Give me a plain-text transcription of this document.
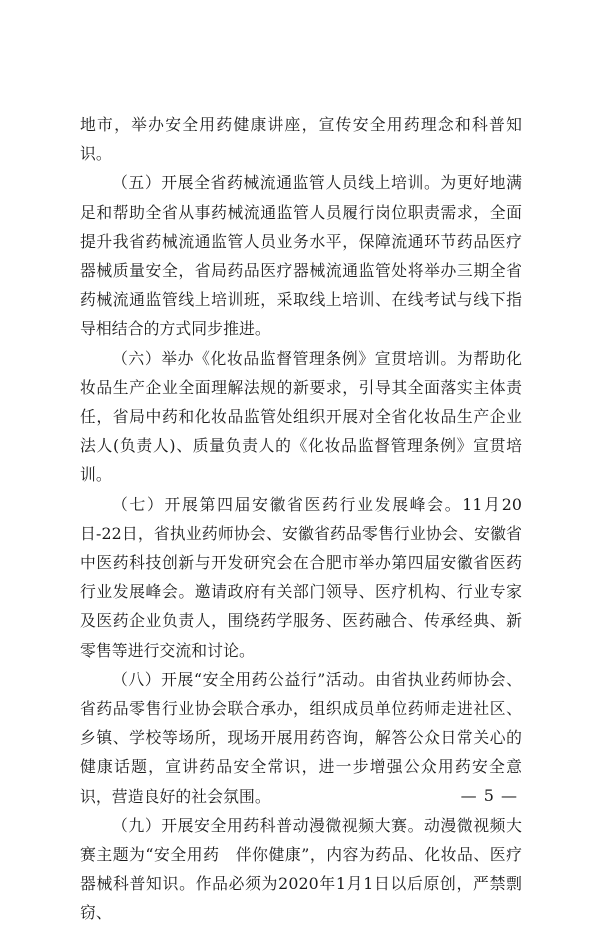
地市，举办安全用药健康讲座，宣传安全用药理念和科普知识。

（五）开展全省药械流通监管人员线上培训。为更好地满足和帮助全省从事药械流通监管人员履行岗位职责需求，全面提升我省药械流通监管人员业务水平，保障流通环节药品医疗器械质量安全，省局药品医疗器械流通监管处将举办三期全省药械流通监管线上培训班，采取线上培训、在线考试与线下指导相结合的方式同步推进。

（六）举办《化妆品监督管理条例》宣贯培训。为帮助化妆品生产企业全面理解法规的新要求，引导其全面落实主体责任，省局中药和化妆品监管处组织开展对全省化妆品生产企业法人(负责人)、质量负责人的《化妆品监督管理条例》宣贯培训。

（七）开展第四届安徽省医药行业发展峰会。11月20日-22日，省执业药师协会、安徽省药品零售行业协会、安徽省中医药科技创新与开发研究会在合肥市举办第四届安徽省医药行业发展峰会。邀请政府有关部门领导、医疗机构、行业专家及医药企业负责人，围绕药学服务、医药融合、传承经典、新零售等进行交流和讨论。

（八）开展“安全用药公益行”活动。由省执业药师协会、省药品零售行业协会联合承办，组织成员单位药师走进社区、乡镇、学校等场所，现场开展用药咨询，解答公众日常关心的健康话题，宣讲药品安全常识，进一步增强公众用药安全意识，营造良好的社会氛围。

（九）开展安全用药科普动漫微视频大赛。动漫微视频大赛主题为“安全用药　伴你健康”，内容为药品、化妆品、医疗器械科普知识。作品必须为2020年1月1日以后原创，严禁剽窃、

— 5 —
